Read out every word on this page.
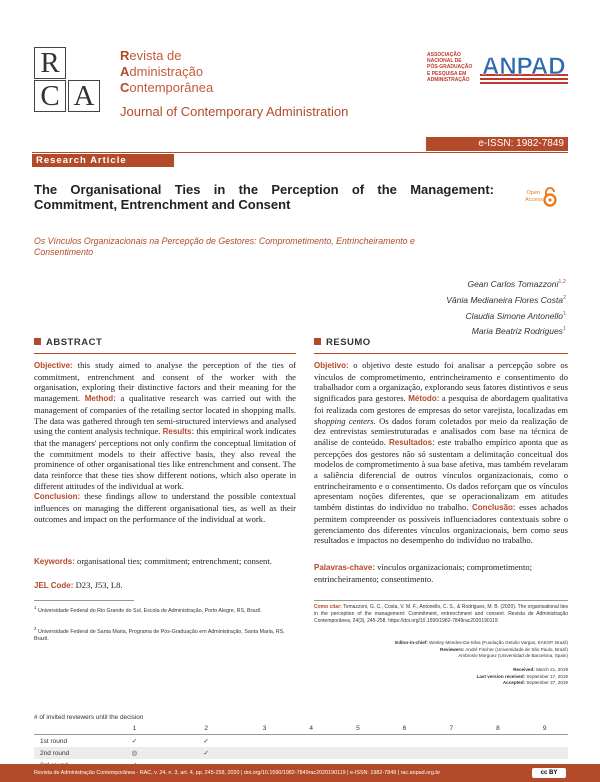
R
A
C
Revista de
Administração
Contemporânea
Journal of Contemporary Administration
ASSOCIAÇÃO NACIONAL DE PÓS-GRADUAÇÃO E PESQUISA EM ADMINISTRAÇÃO ANPAD
e-ISSN: 1982-7849
Research Article
The Organisational Ties in the Perception of the Management: Commitment, Entrenchment and Consent
Os Vínculos Organizacionais na Percepção de Gestores: Comprometimento, Entrincheiramento e Consentimento
Open
Access
Gean Carlos Tomazzoni$^{1,2}$
Vânia Medianeira Flores Costa$^2$
Claudia Simone Antonello$^1$
Maria Beatriz Rodrigues$^1$
ABSTRACT
Objective: this study aimed to analyse the perception of the ties of commitment, entrenchment and consent of the worker with the organisation, exploring their distinctive factors and their meaning for the management. Method: a qualitative research was carried out with the management of companies of the retailing sector located in shopping malls. The data was gathered through ten semi-structured interviews and analysed using the content analysis technique. Results: this empirical work indicates that the managers' perceptions not only confirm the conceptual limitation of the commitment models to their affective basis, they also reveal the prominence of other organisational ties like entrenchment and consent. The data reinforce that these ties show different notions, which also operate in different attitudes of the individual at work.
Conclusion: these findings allow to understand the possible contextual influences on managing the different organisational ties, as well as their outcomes and impact on the performance of the individual at work.
Keywords: organisational ties; commitment; entrenchment; consent.
JEL Code: D23, J53, L8.
RESUMO
Objetivo: o objetivo deste estudo foi analisar a percepção sobre os vínculos de comprometimento, entrincheiramento e consentimento do trabalhador com a organização, explorando seus fatores distintivos e seus significados para gestores. Método: a pesquisa de abordagem qualitativa foi realizada com gestores de empresas do setor varejista, localizadas em shopping centers. Os dados foram coletados por meio da realização de dez entrevistas semiestruturadas e analisados com base na técnica de análise de conteúdo. Resultados: este trabalho empírico aponta que as percepções dos gestores não só sustentam a delimitação conceitual dos modelos de comprometimento à sua base afetiva, mas também revelaram a saliência diferencial de outros vínculos organizacionais, como o entrincheiramento e o consentimento. Os dados reforçam que os vínculos apresentam noções diferentes, que se operacionalizam em atitudes também distintas do indivíduo no trabalho. Conclusão: esses achados permitem compreender os possíveis influenciadores contextuais sobre o gerenciamento dos diferentes vínculos organizacionais, bem como seus resultados e impactos no desempenho do indivíduo no trabalho.
Palavras-chave: vínculos organizacionais; comprometimento; entrincheiramento; consentimento.
$^1$ Universidade Federal do Rio Grande do Sul, Escola de Administração, Porto Alegre, RS, Brazil.
$^2$ Universidade Federal de Santa Maria, Programa de Pós-Graduação em Administração, Santa Maria, RS, Brazil.
Como citar: Tomazzoni, G. C., Costa, V. M. F., Antonello, C. S., & Rodrigues, M. B. (2020). The organisational ties in the perception of the management: Commitment, entrenchment and consent. Revista de Administração Contemporânea, 24(3), 245-258. https://doi.org/10.1590/1982-7849rac2020190119
Editor-in-chief: Wesley Mendes-Da-Silva (Fundação Getulio Vargas, EAESP, Brazil)
Reviewers: André Fischer (Universidade de São Paulo, Brazil)
Ambrosio Morguez (Universidad de Barcelona, Spain)
Received: March 21, 2019
Last version received: September 17, 2019
Accepted: September 27, 2019
# of invited reviewers until the decision
	1	2	3	4	5	6	7	8	9
1st round	✓	✓							
2nd round	◎	✓							

Revista de Administração Contemporânea - RAC, v. 24, n. 3, art. 4, pp. 245-258, 2020 | doi.org/10.1590/1982-7849rac2020190119 | e-ISSN: 1982-7849 | rac.anpad.org.br	cc BY
